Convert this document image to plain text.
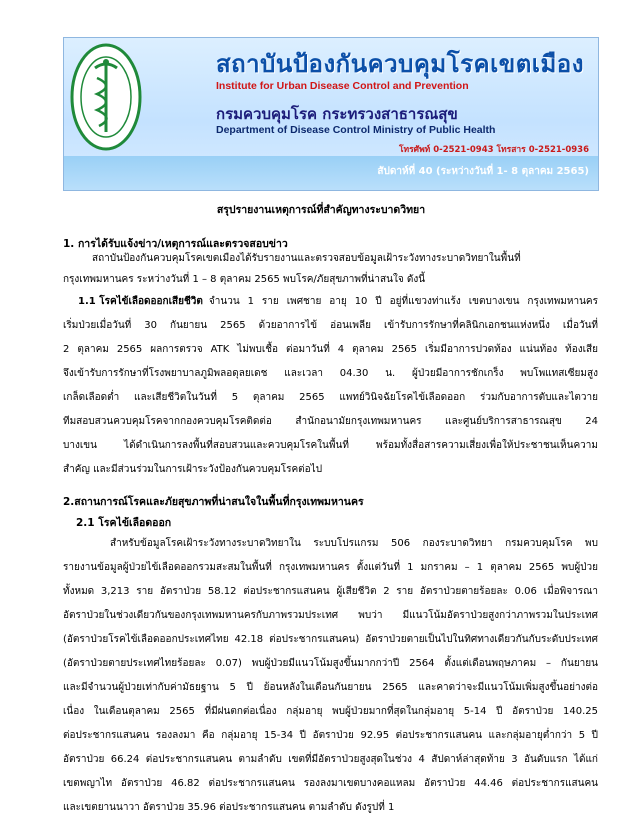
สถาบันป้องกันควบคุมโรคเขตเมือง
Institute for Urban Disease Control and Prevention
กรมควบคุมโรค กระทรวงสาธารณสุข
Department of Disease Control Ministry of Public Health
โทรศัพท์ 0-2521-0943 โทรสาร 0-2521-0936
สัปดาห์ที่ 40 (ระหว่างวันที่ 1- 8 ตุลาคม 2565)
สรุปรายงานเหตุการณ์ที่สำคัญทางระบาดวิทยา
1. การได้รับแจ้งข่าว/เหตุการณ์และตรวจสอบข่าว
สถาบันป้องกันควบคุมโรคเขตเมืองได้รับรายงานและตรวจสอบข้อมูลเฝ้าระวังทางระบาดวิทยาในพื้นที่
กรุงเทพมหานคร ระหว่างวันที่ 1 – 8 ตุลาคม 2565 พบโรค/ภัยสุขภาพที่น่าสนใจ ดังนี้
1.1 โรคไข้เลือดออกเสียชีวิต จำนวน 1 ราย เพศชาย อายุ 10 ปี อยู่ที่แขวงท่าแร้ง เขตบางเขน กรุงเทพมหานคร
เริ่มป่วยเมื่อวันที่ 30 กันยายน 2565 ด้วยอาการไข้ อ่อนเพลีย เข้ารับการรักษาที่คลินิกเอกชนแห่งหนึ่ง เมื่อวันที่
2 ตุลาคม 2565 ผลการตรวจ ATK ไม่พบเชื้อ ต่อมาวันที่ 4 ตุลาคม 2565 เริ่มมีอาการปวดท้อง แน่นท้อง ท้องเสีย
จึงเข้ารับการรักษาที่โรงพยาบาลภูมิพลอดุลยเดช และเวลา 04.30 น. ผู้ป่วยมีอาการชักเกร็ง พบโพแทสเซียมสูง
เกล็ดเลือดต่ำ และเสียชีวิตในวันที่ 5 ตุลาคม 2565 แพทย์วินิจฉัยโรคไข้เลือดออก ร่วมกับอาการตับและไตวาย
ทีมสอบสวนควบคุมโรคจากกองควบคุมโรคติดต่อ สำนักอนามัยกรุงเทพมหานคร และศูนย์บริการสาธารณสุข 24
บางเขน ได้ดำเนินการลงพื้นที่สอบสวนและควบคุมโรคในพื้นที่ พร้อมทั้งสื่อสารความเสี่ยงเพื่อให้ประชาชนเห็นความ
สำคัญ และมีส่วนร่วมในการเฝ้าระวังป้องกันควบคุมโรคต่อไป
2.สถานการณ์โรคและภัยสุขภาพที่น่าสนใจในพื้นที่กรุงเทพมหานคร
2.1 โรคไข้เลือดออก
สำหรับข้อมูลโรคเฝ้าระวังทางระบาดวิทยาใน ระบบโปรแกรม 506 กองระบาดวิทยา กรมควบคุมโรค พบ
รายงานข้อมูลผู้ป่วยไข้เลือดออกรวมสะสมในพื้นที่ กรุงเทพมหานคร ตั้งแต่วันที่ 1 มกราคม – 1 ตุลาคม 2565 พบผู้ป่วย
ทั้งหมด 3,213 ราย อัตราป่วย 58.12 ต่อประชากรแสนคน ผู้เสียชีวิต 2 ราย อัตราป่วยตายร้อยละ 0.06 เมื่อพิจารณา
อัตราป่วยในช่วงเดียวกันของกรุงเทพมหานครกับภาพรวมประเทศ พบว่า มีแนวโน้มอัตราป่วยสูงกว่าภาพรวมในประเทศ
(อัตราป่วยโรคไข้เลือดออกประเทศไทย 42.18 ต่อประชากรแสนคน) อัตราป่วยตายเป็นไปในทิศทางเดียวกันกับระดับประเทศ
(อัตราป่วยตายประเทศไทยร้อยละ 0.07) พบผู้ป่วยมีแนวโน้มสูงขึ้นมากกว่าปี 2564 ตั้งแต่เดือนพฤษภาคม – กันยายน
และมีจำนวนผู้ป่วยเท่ากับค่ามัธยฐาน 5 ปี ย้อนหลังในเดือนกันยายน 2565 และคาดว่าจะมีแนวโน้มเพิ่มสูงขึ้นอย่างต่อ
เนื่อง ในเดือนตุลาคม 2565 ที่มีฝนตกต่อเนื่อง กลุ่มอายุ พบผู้ป่วยมากที่สุดในกลุ่มอายุ 5-14 ปี อัตราป่วย 140.25
ต่อประชากรแสนคน รองลงมา คือ กลุ่มอายุ 15-34 ปี อัตราป่วย 92.95 ต่อประชากรแสนคน และกลุ่มอายุต่ำกว่า 5 ปี
อัตราป่วย 66.24 ต่อประชากรแสนคน ตามลำดับ เขตที่มีอัตราป่วยสูงสุดในช่วง 4 สัปดาห์ล่าสุดท้าย 3 อันดับแรก ได้แก่
เขตพญาไท อัตราป่วย 46.82 ต่อประชากรแสนคน รองลงมาเขตบางคอแหลม อัตราป่วย 44.46 ต่อประชากรแสนคน
และเขตยานนาวา อัตราป่วย 35.96 ต่อประชากรแสนคน ตามลำดับ ดังรูปที่ 1
